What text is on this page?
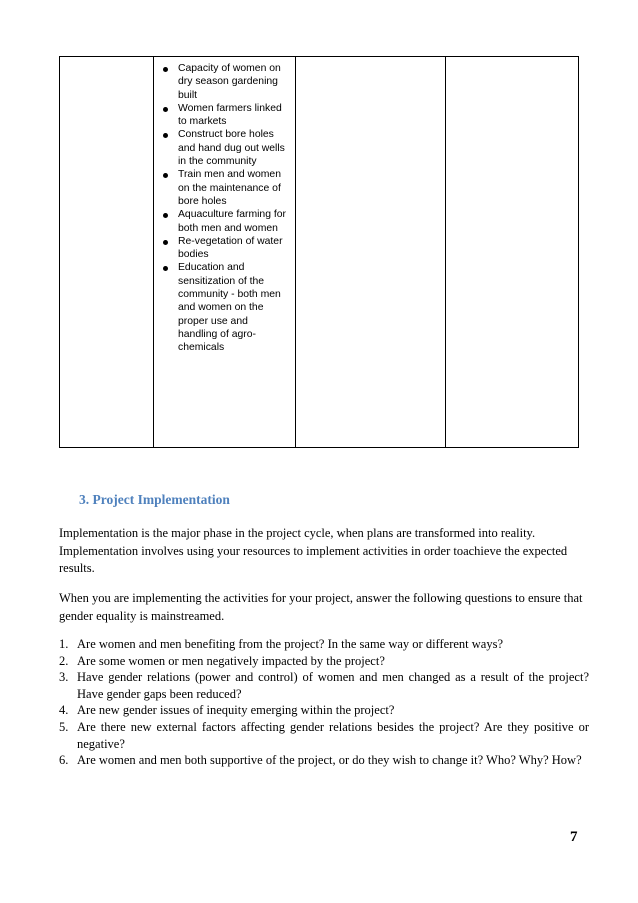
Capacity of women on dry season gardening built
Women farmers linked to markets
Construct bore holes and hand dug out wells in the community
Train men and women on the maintenance of bore holes
Aquaculture farming for both men and women
Re-vegetation of water bodies
Education and sensitization of the community - both men and women on the proper use and handling of agro-chemicals
3. Project Implementation
Implementation is the major phase in the project cycle, when plans are transformed into reality. Implementation involves using your resources to implement activities in order toachieve the expected results.
When you are implementing the activities for your project, answer the following questions to ensure that gender equality is mainstreamed.
1. Are women and men benefiting from the project? In the same way or different ways?
2. Are some women or men negatively impacted by the project?
3. Have gender relations (power and control) of women and men changed as a result of the project? Have gender gaps been reduced?
4. Are new gender issues of inequity emerging within the project?
5. Are there new external factors affecting gender relations besides the project? Are they positive or negative?
6. Are women and men both supportive of the project, or do they wish to change it? Who? Why? How?
7
